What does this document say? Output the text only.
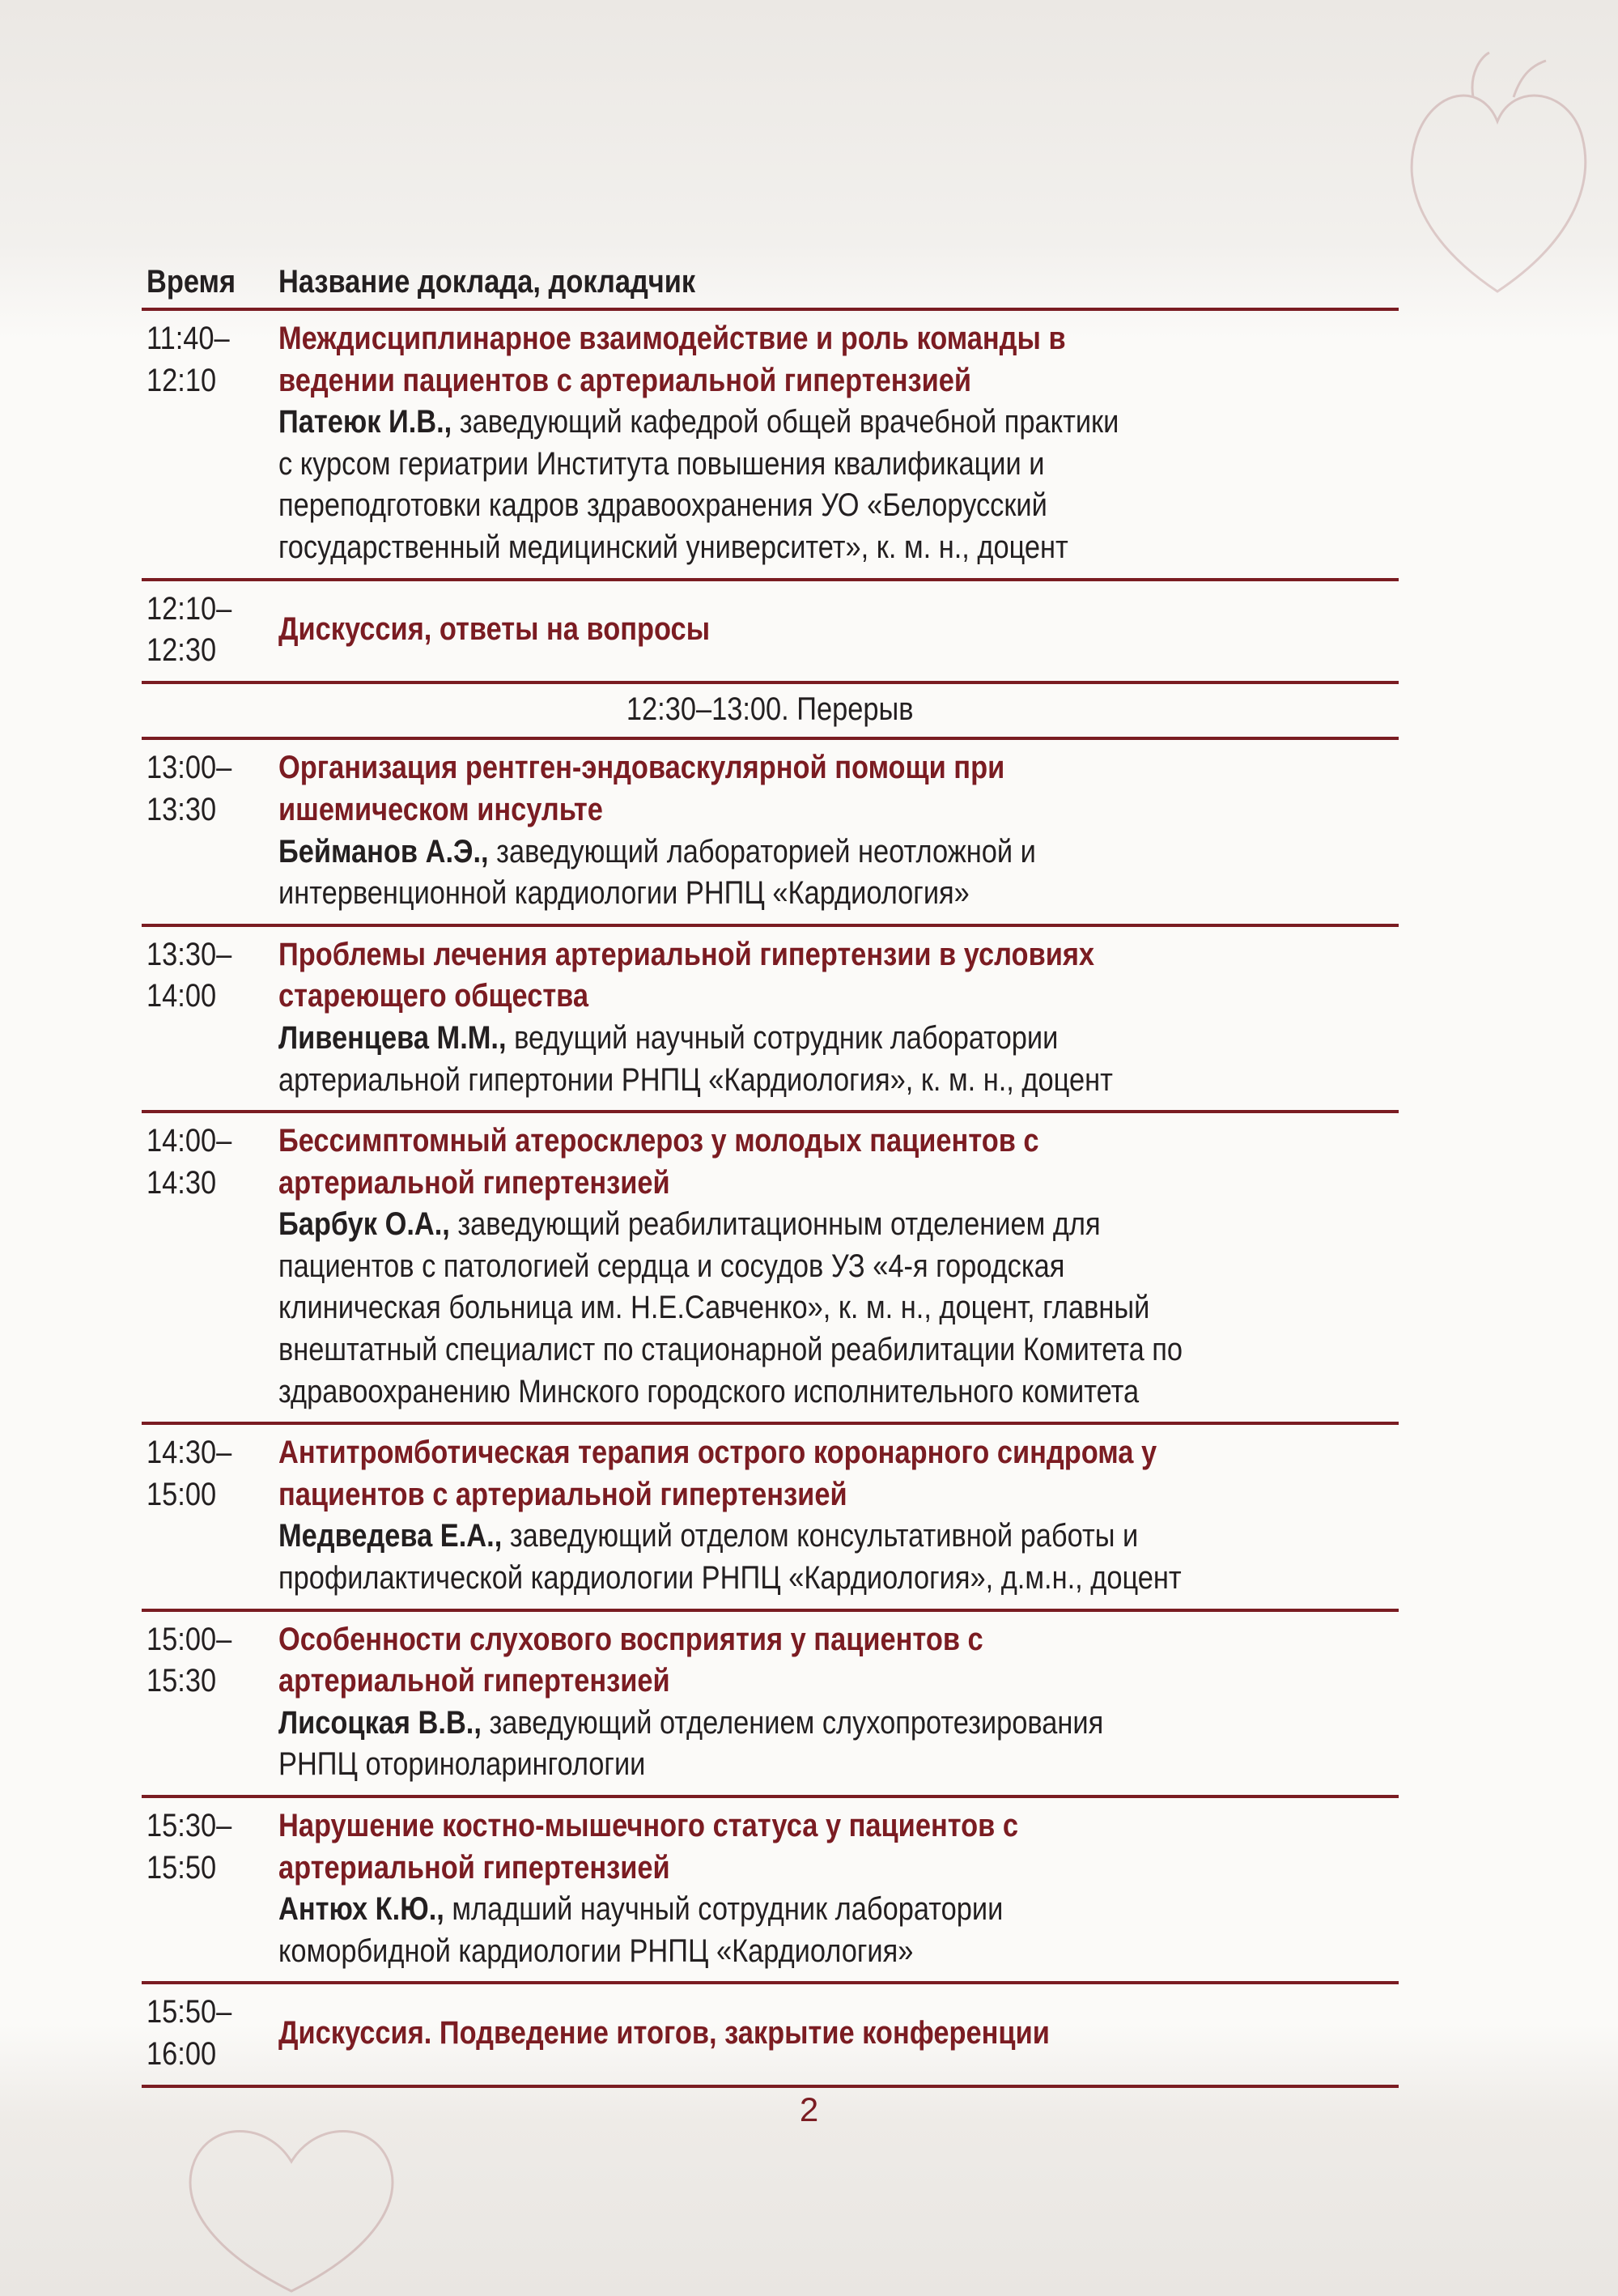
Время Название доклада, докладчик
11:40–
12:10
Междисциплинарное взаимодействие и роль команды в
ведении пациентов с артериальной гипертензией
Патеюк И.В., заведующий кафедрой общей врачебной практики
с курсом гериатрии Института повышения квалификации и
переподготовки кадров здравоохранения УО «Белорусский
государственный медицинский университет», к. м. н., доцент
12:10–
12:30
Дискуссия, ответы на вопросы
12:30–13:00. Перерыв
13:00–
13:30
Организация рентген-эндоваскулярной помощи при
ишемическом инсульте
Бейманов А.Э., заведующий лабораторией неотложной и
интервенционной кардиологии РНПЦ «Кардиология»
13:30–
14:00
Проблемы лечения артериальной гипертензии в условиях
стареющего общества
Ливенцева М.М., ведущий научный сотрудник лаборатории
артериальной гипертонии РНПЦ «Кардиология», к. м. н., доцент
14:00–
14:30
Бессимптомный атеросклероз у молодых пациентов с
артериальной гипертензией
Барбук О.А., заведующий реабилитационным отделением для
пациентов с патологией сердца и сосудов УЗ «4-я городская
клиническая больница им. Н.Е.Савченко», к. м. н., доцент, главный
внештатный специалист по стационарной реабилитации Комитета по
здравоохранению Минского городского исполнительного комитета
14:30–
15:00
Антитромботическая терапия острого коронарного синдрома у
пациентов с артериальной гипертензией
Медведева Е.А., заведующий отделом консультативной работы и
профилактической кардиологии РНПЦ «Кардиология», д.м.н., доцент
15:00–
15:30
Особенности слухового восприятия у пациентов с
артериальной гипертензией
Лисоцкая В.В., заведующий отделением слухопротезирования
РНПЦ оториноларингологии
15:30–
15:50
Нарушение костно-мышечного статуса у пациентов с
артериальной гипертензией
Антюх К.Ю., младший научный сотрудник лаборатории
коморбидной кардиологии РНПЦ «Кардиология»
15:50–
16:00
Дискуссия. Подведение итогов, закрытие конференции
2
